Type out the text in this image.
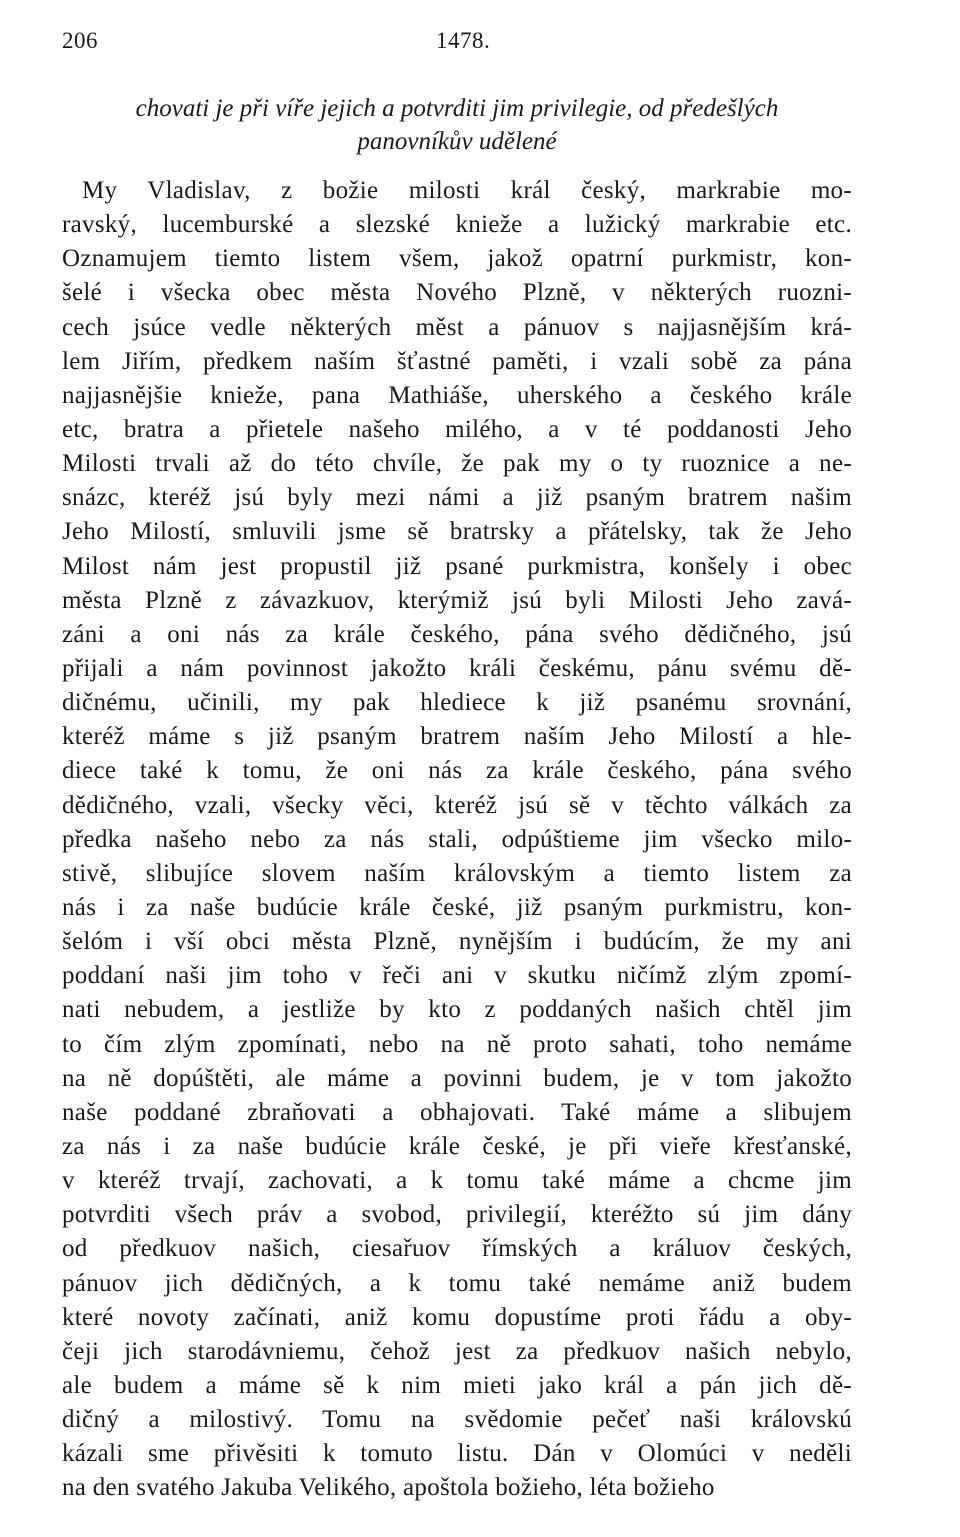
206	1478.
chovati je při víře jejich a potvrditi jim privilegie, od předešlých
panovníkův udělené
My Vladislav, z božie milosti král český, markrabie mo-
ravský, lucemburské a slezské knieže a lužický markrabie etc.
Oznamujem tiemto listem všem, jakož opatrní purkmistr, kon-
šelé i všecka obec města Nového Plzně, v některých ruozni-
cech jsúce vedle některých měst a pánuov s najjasnějším krá-
lem Jiřím, předkem naším šťastné paměti, i vzali sobě za pána
najjasnějšie knieže, pana Mathiáše, uherského a českého krále
etc, bratra a přietele našeho milého, a v té poddanosti Jeho
Milosti trvali až do této chvíle, že pak my o ty ruoznice a ne-
snázc, kteréž jsú byly mezi námi a již psaným bratrem našim
Jeho Milostí, smluvili jsme sě bratrsky a přátelsky, tak že Jeho
Milost nám jest propustil již psané purkmistra, konšely i obec
města Plzně z závazkuov, kterýmiž jsú byli Milosti Jeho zavá-
záni a oni nás za krále českého, pána svého dědičného, jsú
přijali a nám povinnost jakožto králi českému, pánu svému dě-
dičnému, učinili, my pak hlediece k již psanému srovnání,
kteréž máme s již psaným bratrem naším Jeho Milostí a hle-
diece také k tomu, že oni nás za krále českého, pána svého
dědičného, vzali, všecky věci, kteréž jsú sě v těchto válkách za
předka našeho nebo za nás stali, odpúštieme jim všecko milo-
stivě, slibujíce slovem naším královským a tiemto listem za
nás i za naše budúcie krále české, již psaným purkmistru, kon-
šelóm i vší obci města Plzně, nynějším i budúcím, že my ani
poddaní naši jim toho v řeči ani v skutku ničímž zlým zpomí-
nati nebudem, a jestliže by kto z poddaných našich chtěl jim
to čím zlým zpomínati, nebo na ně proto sahati, toho nemáme
na ně dopúštěti, ale máme a povinni budem, je v tom jakožto
naše poddané zbraňovati a obhajovati. Také máme a slibujem
za nás i za naše budúcie krále české, je při vieře křesťanské,
v kteréž trvají, zachovati, a k tomu také máme a chcme jim
potvrditi všech práv a svobod, privilegií, kteréžto sú jim dány
od předkuov našich, ciesařuov římských a králuov českých,
pánuov jich dědičných, a k tomu také nemáme aniž budem
které novoty začínati, aniž komu dopustíme proti řádu a oby-
čeji jich starodávniemu, čehož jest za předkuov našich nebylo,
ale budem a máme sě k nim mieti jako král a pán jich dě-
dičný a milostivý. Tomu na svědomie pečeť naši královskú
kázali sme přivěsiti k tomuto listu. Dán v Olomúci v neděli
na den svatého Jakuba Velikého, apoštola božieho, léta božieho
